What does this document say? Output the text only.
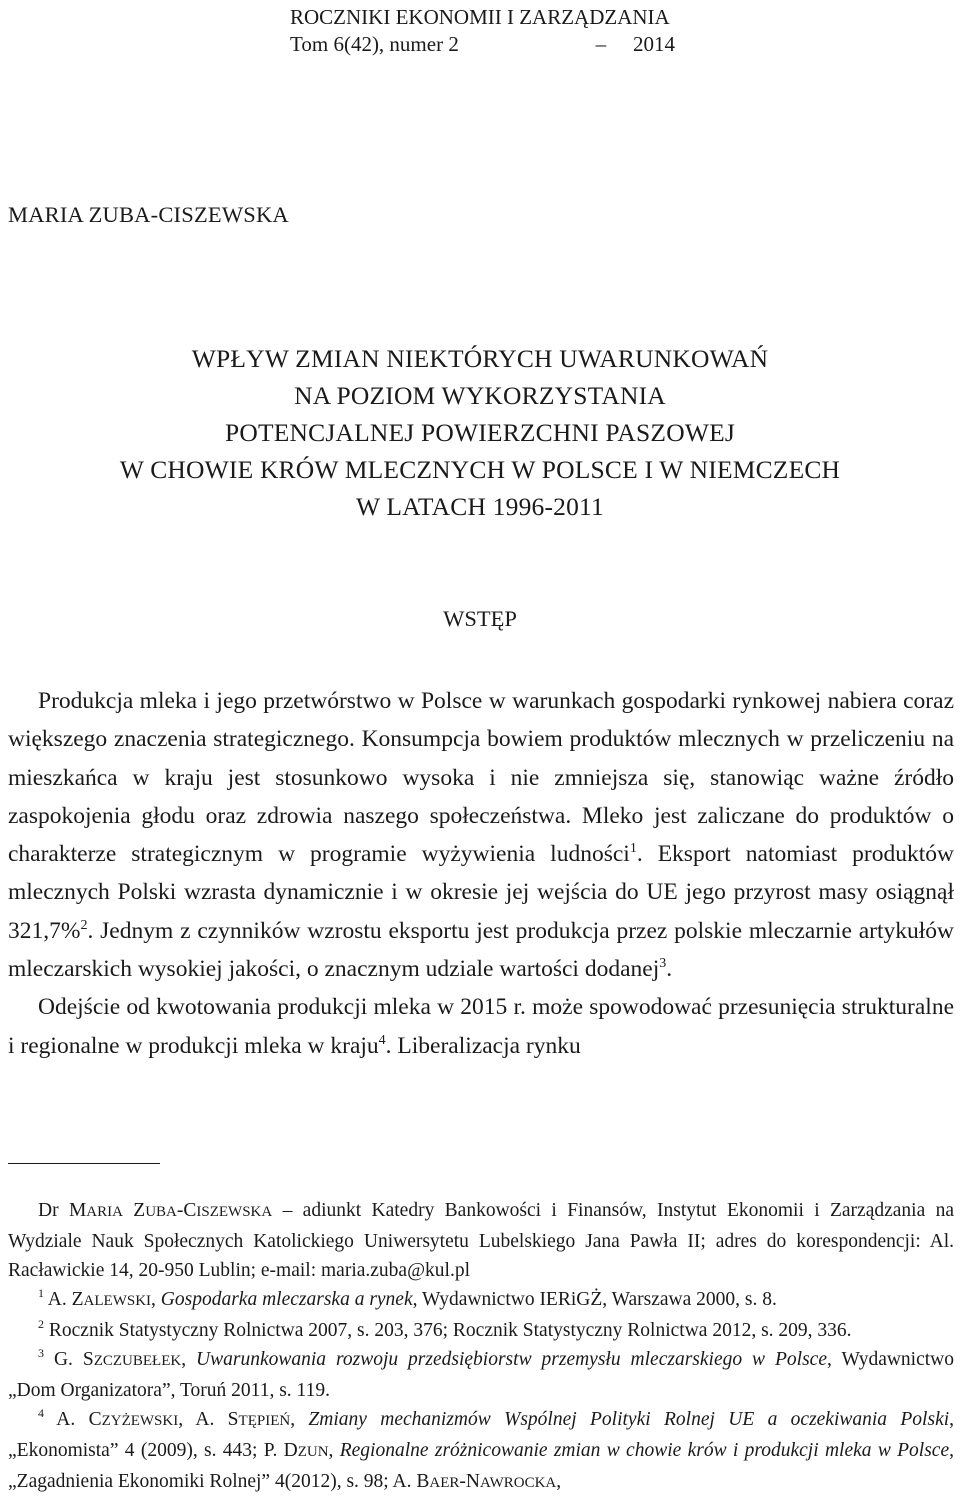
ROCZNIKI EKONOMII I ZARZĄDZANIA
Tom 6(42), numer 2	– 2014
MARIA ZUBA-CISZEWSKA
WPŁYW ZMIAN NIEKTÓRYCH UWARUNKOWAŃ
NA POZIOM WYKORZYSTANIA
POTENCJALNEJ POWIERZCHNI PASZOWEJ
W CHOWIE KRÓW MLECZNYCH W POLSCE I W NIEMCZECH
W LATACH 1996-2011
WSTĘP

Produkcja mleka i jego przetwórstwo w Polsce w warunkach gospodarki rynkowej nabiera coraz większego znaczenia strategicznego. Konsumpcja bowiem produktów mlecznych w przeliczeniu na mieszkańca w kraju jest stosunkowo wysoka i nie zmniejsza się, stanowiąc ważne źródło zaspokojenia głodu oraz zdrowia naszego społeczeństwa. Mleko jest zaliczane do produktów o charakterze strategicznym w programie wyżywienia ludności$^1$. Eksport natomiast produktów mlecznych Polski wzrasta dynamicznie i w okresie jej wejścia do UE jego przyrost masy osiągnął 321,7%$^2$. Jednym z czynników wzrostu eksportu jest produkcja przez polskie mleczarnie artykułów mleczarskich wysokiej jakości, o znacznym udziale wartości dodanej$^3$.

Odejście od kwotowania produkcji mleka w 2015 r. może spowodować przesunięcia strukturalne i regionalne w produkcji mleka w kraju$^4$. Liberalizacja rynku

Dr MARIA ZUBA-CISZEWSKA – adiunkt Katedry Bankowości i Finansów, Instytut Ekonomii i Zarządzania na Wydziale Nauk Społecznych Katolickiego Uniwersytetu Lubelskiego Jana Pawła II; adres do korespondencji: Al. Racławickie 14, 20-950 Lublin; e-mail: maria.zuba@kul.pl

$^1$ A. ZALEWSKI, Gospodarka mleczarska a rynek, Wydawnictwo IERiGŻ, Warszawa 2000, s. 8.

$^2$ Rocznik Statystyczny Rolnictwa 2007, s. 203, 376; Rocznik Statystyczny Rolnictwa 2012, s. 209, 336.

$^3$ G. SZCZUBEŁEK, Uwarunkowania rozwoju przedsiębiorstw przemysłu mleczarskiego w Polsce, Wydawnictwo „Dom Organizatora”, Toruń 2011, s. 119.

$^4$ A. CZYŻEWSKI, A. STĘPIEŃ, Zmiany mechanizmów Wspólnej Polityki Rolnej UE a oczekiwania Polski, „Ekonomista” 4 (2009), s. 443; P. DZUN, Regionalne zróżnicowanie zmian w chowie krów i produkcji mleka w Polsce, „Zagadnienia Ekonomiki Rolnej” 4(2012), s. 98; A. BAER-NAWROCKA,
